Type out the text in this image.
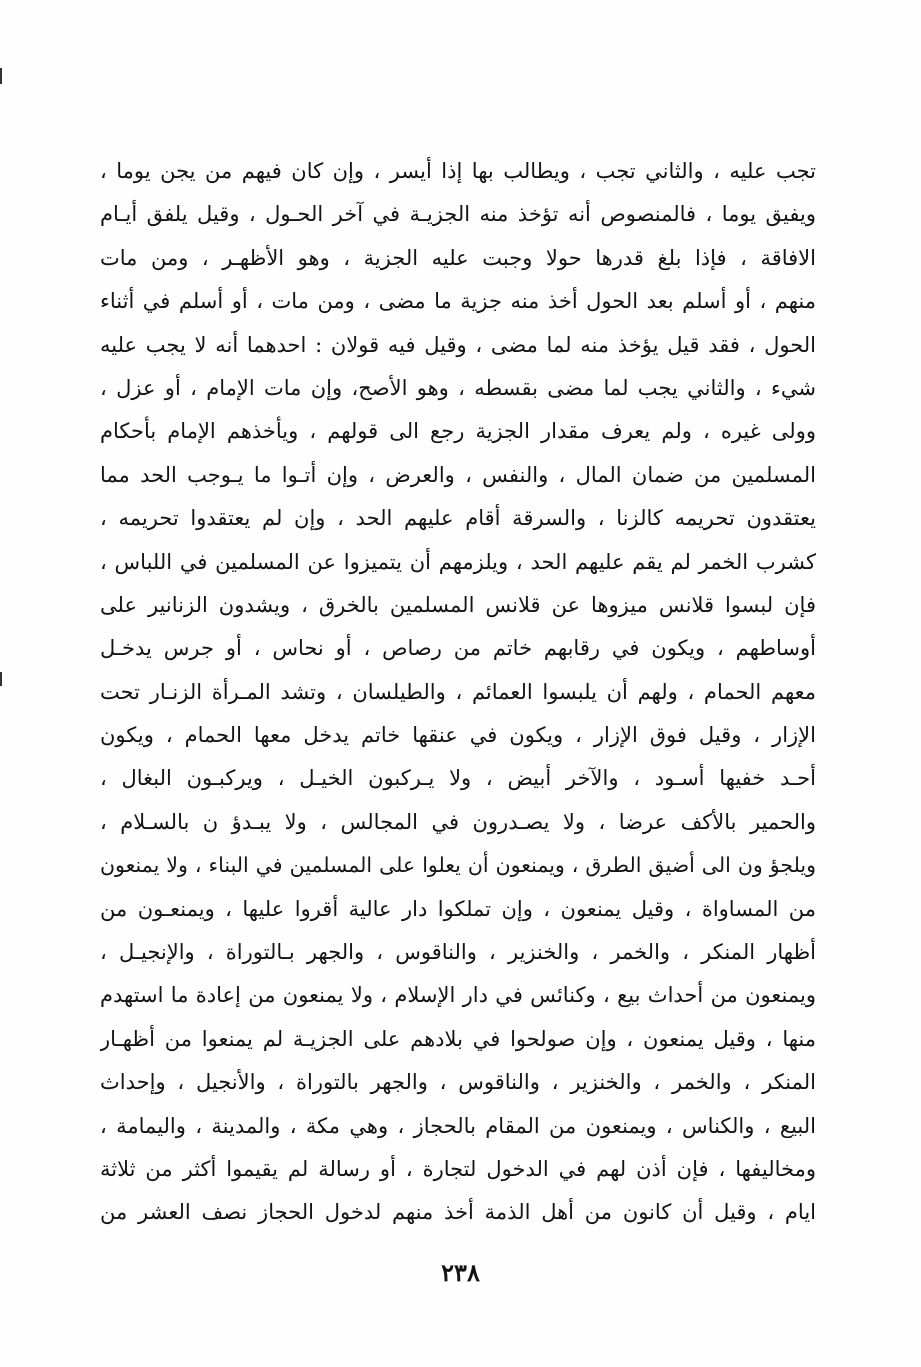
تجب عليه ، والثاني تجب ، ويطالب بها إذا أيسر ، وإن كان فيهم من يجن يوما ،
ويفيق يوما ، فالمنصوص أنه تؤخذ منه الجزيـة في آخر الحـول ، وقيل يلفق أيـام
الافاقة ، فإذا بلغ قدرها حولا وجبت عليه الجزية ، وهو الأظهـر ، ومن مات
منهم ، أو أسلم بعد الحول أخذ منه جزية ما مضى ، ومن مات ، أو أسلم في أثناء
الحول ، فقد قيل يؤخذ منه لما مضى ، وقيل فيه قولان : احدهما أنه لا يجب عليه
شيء ، والثاني يجب لما مضى بقسطه ، وهو الأصح، وإن مات الإمام ، أو عزل ،
وولى غيره ، ولم يعرف مقدار الجزية رجع الى قولهم ، ويأخذهم الإمام بأحكام
المسلمين من ضمان المال ، والنفس ، والعرض ، وإن أتـوا ما يـوجب الحد مما
يعتقدون تحريمه كالزنا ، والسرقة أقام عليهم الحد ، وإن لم يعتقدوا تحريمه ،
كشرب الخمر لم يقم عليهم الحد ، ويلزمهم أن يتميزوا عن المسلمين في اللباس ،
فإن لبسوا قلانس ميزوها عن قلانس المسلمين بالخرق ، ويشدون الزنانير على
أوساطهم ، ويكون في رقابهم خاتم من رصاص ، أو نحاس ، أو جرس يدخـل
معهم الحمام ، ولهم أن يلبسوا العمائم ، والطيلسان ، وتشد المـرأة الزنـار تحت
الإزار ، وقيل فوق الإزار ، ويكون في عنقها خاتم يدخل معها الحمام ، ويكون
أحـد خفيها أسـود ، والآخر أبيض ، ولا يـركبون الخيـل ، ويركبـون البغال ،
والحمير بالأكف عرضا ، ولا يصـدرون في المجالس ، ولا يبـدؤ ن بالسـلام ،
ويلجؤ ون الى أضيق الطرق ، ويمنعون أن يعلوا على المسلمين في البناء ، ولا يمنعون
من المساواة ، وقيل يمنعون ، وإن تملكوا دار عالية أقروا عليها ، ويمنعـون من
أظهار المنكر ، والخمر ، والخنزير ، والناقوس ، والجهر بـالتوراة ، والإنجيـل ،
ويمنعون من أحداث بيع ، وكنائس في دار الإسلام ، ولا يمنعون من إعادة ما استهدم
منها ، وقيل يمنعون ، وإن صولحوا في بلادهم على الجزيـة لم يمنعوا من أظهـار
المنكر ، والخمر ، والخنزير ، والناقوس ، والجهر بالتوراة ، والأنجيل ، وإحداث
البيع ، والكناس ، ويمنعون من المقام بالحجاز ، وهي مكة ، والمدينة ، واليمامة ،
ومخاليفها ، فإن أذن لهم في الدخول لتجارة ، أو رسالة لم يقيموا أكثر من ثلاثة
ايام ، وقيل أن كانون من أهل الذمة أخذ منهم لدخول الحجاز نصف العشر من
٢٣٨
